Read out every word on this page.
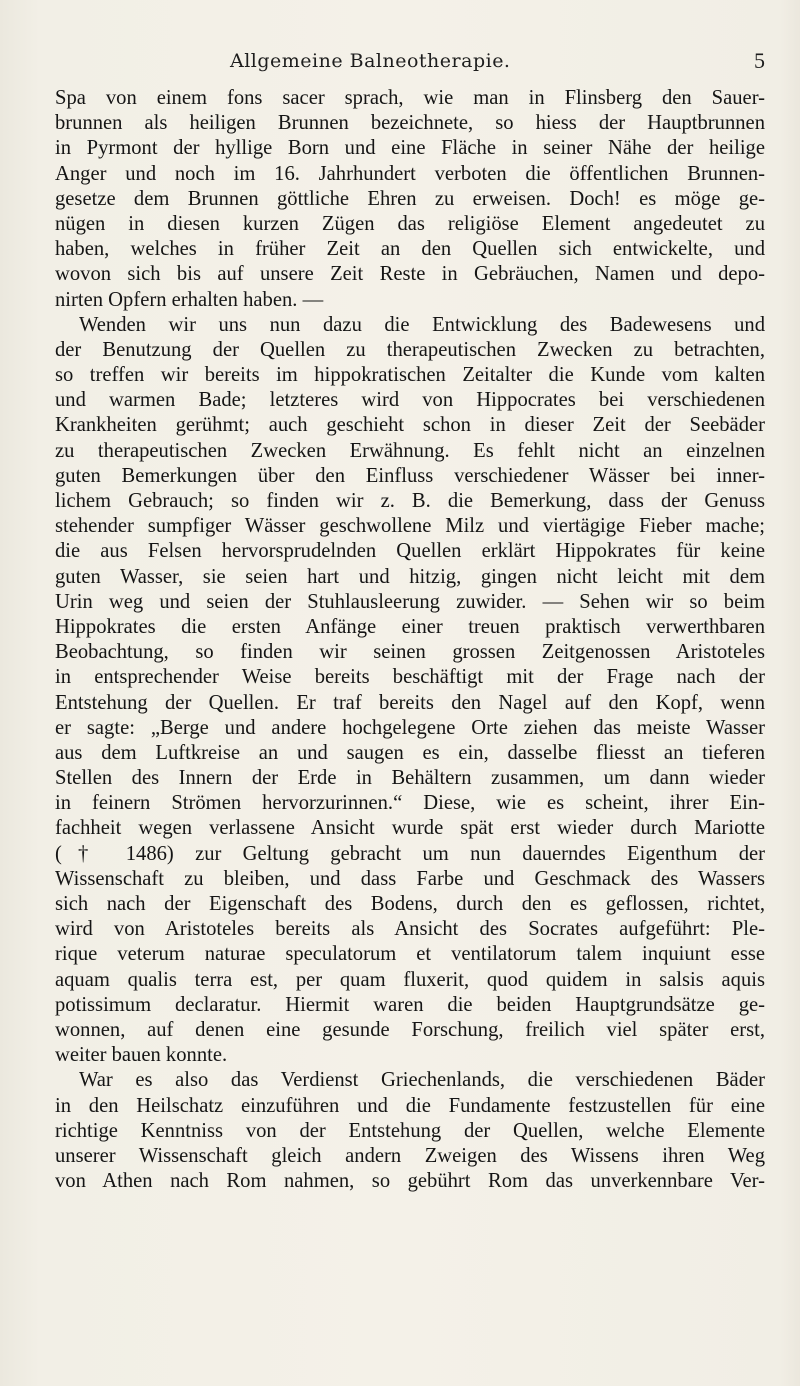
Allgemeine Balneotherapie.	5
Spa von einem fons sacer sprach, wie man in Flinsberg den Sauer-
brunnen als heiligen Brunnen bezeichnete, so hiess der Hauptbrunnen
in Pyrmont der hyllige Born und eine Fläche in seiner Nähe der heilige
Anger und noch im 16. Jahrhundert verboten die öffentlichen Brunnen-
gesetze dem Brunnen göttliche Ehren zu erweisen. Doch! es möge ge-
nügen in diesen kurzen Zügen das religiöse Element angedeutet zu
haben, welches in früher Zeit an den Quellen sich entwickelte, und
wovon sich bis auf unsere Zeit Reste in Gebräuchen, Namen und depo-
nirten Opfern erhalten haben. —
Wenden wir uns nun dazu die Entwicklung des Badewesens und
der Benutzung der Quellen zu therapeutischen Zwecken zu betrachten,
so treffen wir bereits im hippokratischen Zeitalter die Kunde vom kalten
und warmen Bade; letzteres wird von Hippocrates bei verschiedenen
Krankheiten gerühmt; auch geschieht schon in dieser Zeit der Seebäder
zu therapeutischen Zwecken Erwähnung. Es fehlt nicht an einzelnen
guten Bemerkungen über den Einfluss verschiedener Wässer bei inner-
lichem Gebrauch; so finden wir z. B. die Bemerkung, dass der Genuss
stehender sumpfiger Wässer geschwollene Milz und viertägige Fieber mache;
die aus Felsen hervorsprudelnden Quellen erklärt Hippokrates für keine
guten Wasser, sie seien hart und hitzig, gingen nicht leicht mit dem
Urin weg und seien der Stuhlausleerung zuwider. — Sehen wir so beim
Hippokrates die ersten Anfänge einer treuen praktisch verwerthbaren
Beobachtung, so finden wir seinen grossen Zeitgenossen Aristoteles
in entsprechender Weise bereits beschäftigt mit der Frage nach der
Entstehung der Quellen. Er traf bereits den Nagel auf den Kopf, wenn
er sagte: „Berge und andere hochgelegene Orte ziehen das meiste Wasser
aus dem Luftkreise an und saugen es ein, dasselbe fliesst an tieferen
Stellen des Innern der Erde in Behältern zusammen, um dann wieder
in feinern Strömen hervorzurinnen.“ Diese, wie es scheint, ihrer Ein-
fachheit wegen verlassene Ansicht wurde spät erst wieder durch Mariotte
(† 1486) zur Geltung gebracht um nun dauerndes Eigenthum der
Wissenschaft zu bleiben, und dass Farbe und Geschmack des Wassers
sich nach der Eigenschaft des Bodens, durch den es geflossen, richtet,
wird von Aristoteles bereits als Ansicht des Socrates aufgeführt: Ple-
rique veterum naturae speculatorum et ventilatorum talem inquiunt esse
aquam qualis terra est, per quam fluxerit, quod quidem in salsis aquis
potissimum declaratur. Hiermit waren die beiden Hauptgrundsätze ge-
wonnen, auf denen eine gesunde Forschung, freilich viel später erst,
weiter bauen konnte.
War es also das Verdienst Griechenlands, die verschiedenen Bäder
in den Heilschatz einzuführen und die Fundamente festzustellen für eine
richtige Kenntniss von der Entstehung der Quellen, welche Elemente
unserer Wissenschaft gleich andern Zweigen des Wissens ihren Weg
von Athen nach Rom nahmen, so gebührt Rom das unverkennbare Ver-
